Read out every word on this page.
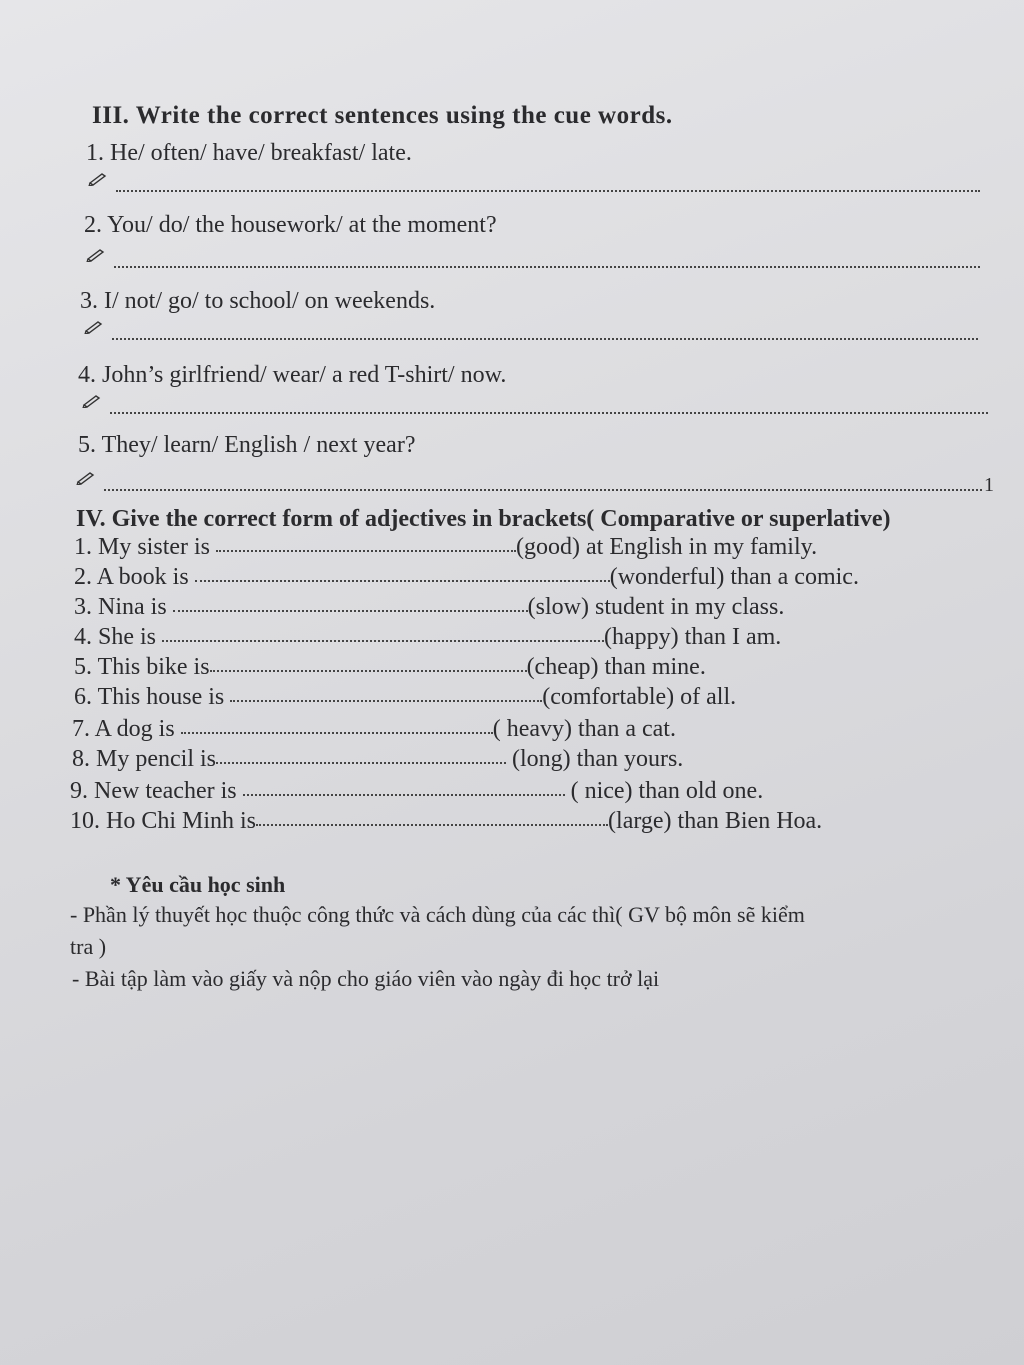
III. Write the correct sentences using the cue words.
1. He/ often/ have/ breakfast/ late.
2. You/ do/ the housework/ at the moment?
3. I/ not/ go/ to school/ on weekends.
4. John’s girlfriend/ wear/ a red T-shirt/ now.
5. They/ learn/ English / next year?
1
IV. Give the correct form of adjectives in brackets( Comparative or superlative)
1. My sister is	(good) at English in my family.
2. A book is	(wonderful) than a comic.
3. Nina is	(slow) student in my class.
4. She is	(happy) than I am.
5. This bike is	(cheap) than mine.
6. This house is	(comfortable) of all.
7. A dog is	( heavy) than a cat.
8. My pencil is	(long) than yours.
9. New teacher is	( nice) than old one.
10. Ho Chi Minh is	(large) than Bien Hoa.
* Yêu cầu học sinh
- Phần lý thuyết học thuộc công thức và cách dùng của các thì( GV bộ môn sẽ kiểm
tra )
- Bài tập làm vào giấy và nộp cho giáo viên vào ngày đi học trở lại
